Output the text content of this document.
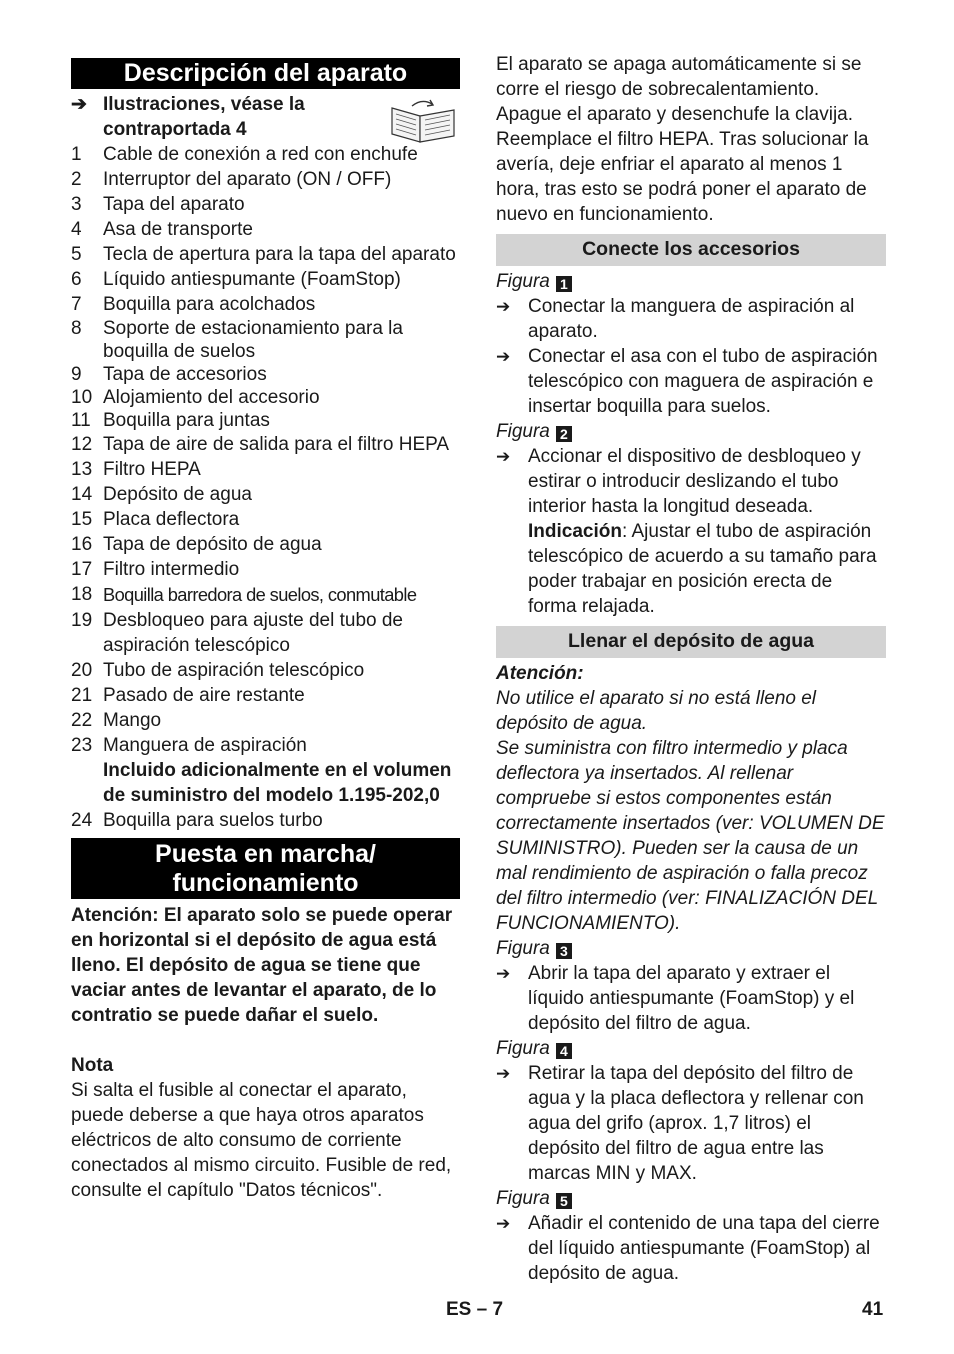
Descripción del aparato
➔ Ilustraciones, véase la contraportada 4
1 Cable de conexión a red con enchufe
2 Interruptor del aparato (ON / OFF)
3 Tapa del aparato
4 Asa de transporte
5 Tecla de apertura para la tapa del aparato
6 Líquido antiespumante (FoamStop)
7 Boquilla para acolchados
8 Soporte de estacionamiento para la boquilla de suelos
9 Tapa de accesorios
10 Alojamiento del accesorio
11 Boquilla para juntas
12 Tapa de aire de salida para el filtro HEPA
13 Filtro HEPA
14 Depósito de agua
15 Placa deflectora
16 Tapa de depósito de agua
17 Filtro intermedio
18 Boquilla barredora de suelos, conmutable
19 Desbloqueo para ajuste del tubo de aspiración telescópico
20 Tubo de aspiración telescópico
21 Pasado de aire restante
22 Mango
23 Manguera de aspiración
Incluido adicionalmente en el volumen de suministro del modelo 1.195-202,0
24 Boquilla para suelos turbo
Puesta en marcha/
funcionamiento

Atención: El aparato solo se puede operar en horizontal si el depósito de agua está lleno. El depósito de agua se tiene que vaciar antes de levantar el aparato, de lo contratio se puede dañar el suelo.

Nota

Si salta el fusible al conectar el aparato, puede deberse a que haya otros aparatos eléctricos de alto consumo de corriente conectados al mismo circuito. Fusible de red, consulte el capítulo "Datos técnicos".

El aparato se apaga automáticamente si se corre el riesgo de sobrecalentamiento. Apague el aparato y desenchufe la clavija. Reemplace el filtro HEPA. Tras solucionar la avería, deje enfriar el aparato al menos 1 hora, tras esto se podrá poner el aparato de nuevo en funcionamiento.

Conecte los accesorios
Figura 1
➔ Conectar la manguera de aspiración al aparato.
➔ Conectar el asa con el tubo de aspiración telescópico con maguera de aspiración e insertar boquilla para suelos.
Figura 2
➔ Accionar el dispositivo de desbloqueo y estirar o introducir deslizando el tubo interior hasta la longitud deseada.
Indicación: Ajustar el tubo de aspiración telescópico de acuerdo a su tamaño para poder trabajar en posición erecta de forma relajada.
Llenar el depósito de agua

Atención:

No utilice el aparato si no está lleno el depósito de agua.

Se suministra con filtro intermedio y placa deflectora ya insertados. Al rellenar compruebe si estos componentes están correctamente insertados (ver: VOLUMEN DE SUMINISTRO). Pueden ser la causa de un mal rendimiento de aspiración o falla precoz del filtro intermedio (ver: FINALIZACIÓN DEL FUNCIONAMIENTO).

Figura 3
➔ Abrir la tapa del aparato y extraer el líquido antiespumante (FoamStop) y el depósito del filtro de agua.
Figura 4
➔ Retirar la tapa del depósito del filtro de agua y la placa deflectora y rellenar con agua del grifo (aprox. 1,7 litros) el depósito del filtro de agua entre las marcas MIN y MAX.
Figura 5
➔ Añadir el contenido de una tapa del cierre del líquido antiespumante (FoamStop) al depósito de agua.
ES – 7	41
